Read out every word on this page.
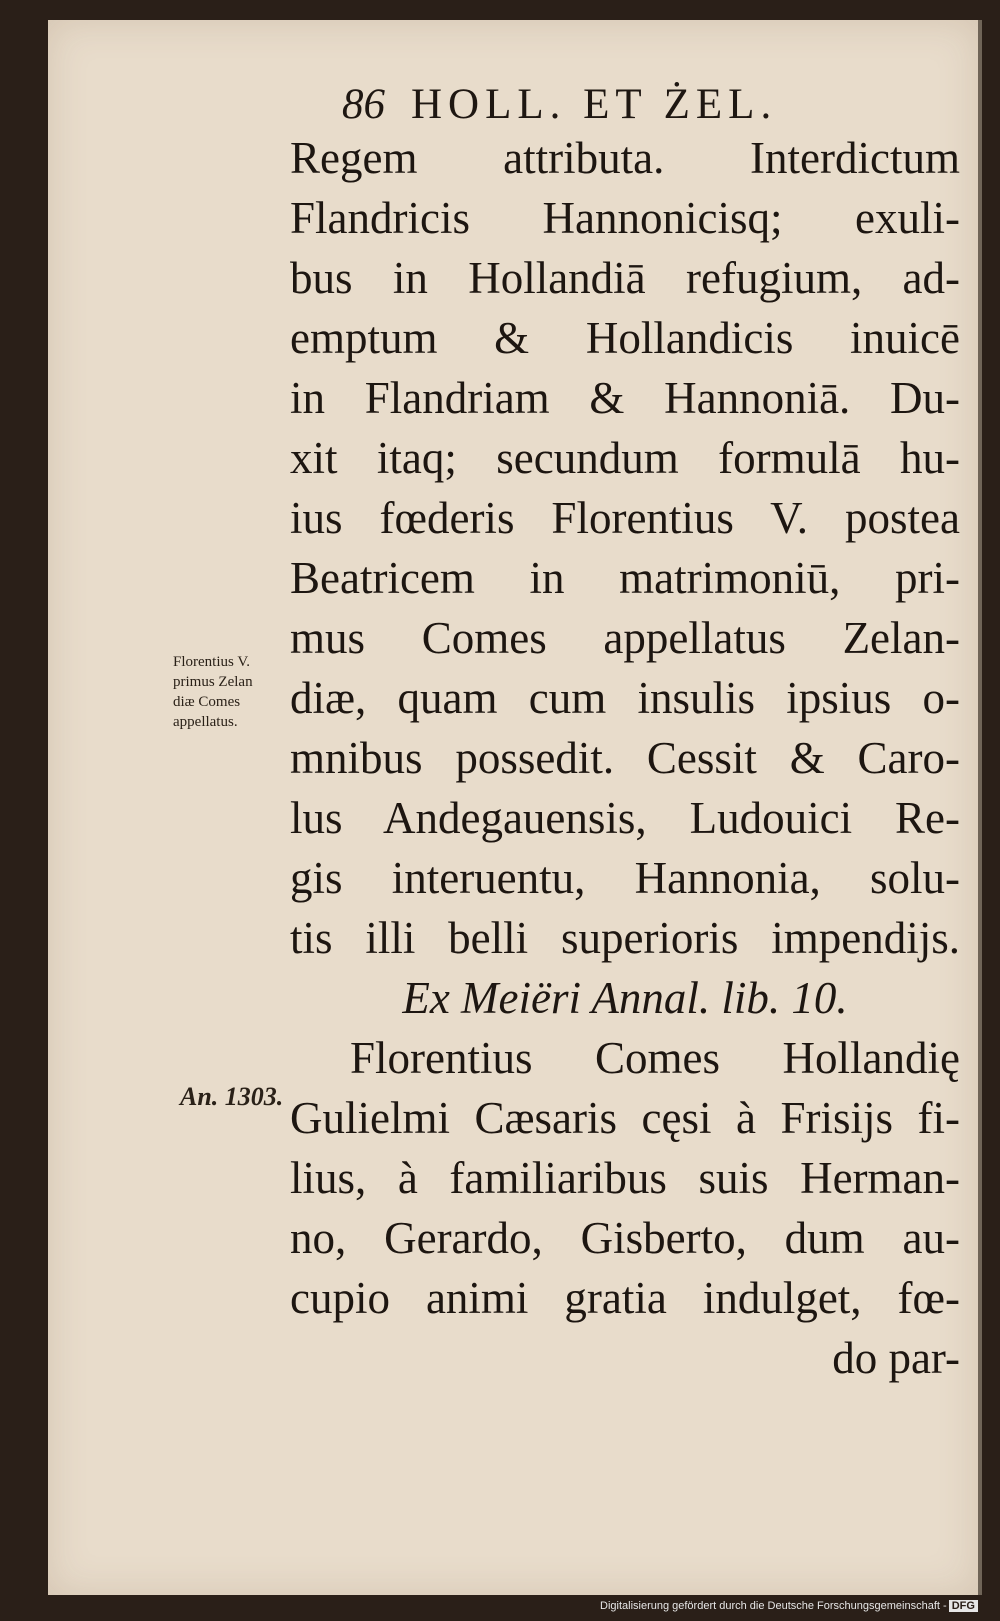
86 HOLL. ET ŻEL.
Florentius V.
primus Zelan
diæ Comes
appellatus.
An. 1303.
Regem attributa. Interdictum
Flandricis Hannonicisq; exuli-
bus in Hollandiā refugium, ad-
emptum & Hollandicis inuicē
in Flandriam & Hannoniā. Du-
xit itaq; secundum formulā hu-
ius fœderis Florentius V. postea
Beatricem in matrimoniū, pri-
mus Comes appellatus Zelan-
diæ, quam cum insulis ipsius o-
mnibus possedit. Cessit & Caro-
lus Andegauensis, Ludouici Re-
gis interuentu, Hannonia, solu-
tis illi belli superioris impendijs.
Ex Meiëri Annal. lib. 10.
Florentius Comes Hollandię
Gulielmi Cæsaris cęsi à Frisijs fi-
lius, à familiaribus suis Herman-
no, Gerardo, Gisberto, dum au-
cupio animi gratia indulget, fœ-
do par-
Digitalisierung gefördert durch die Deutsche Forschungsgemeinschaft - DFG
